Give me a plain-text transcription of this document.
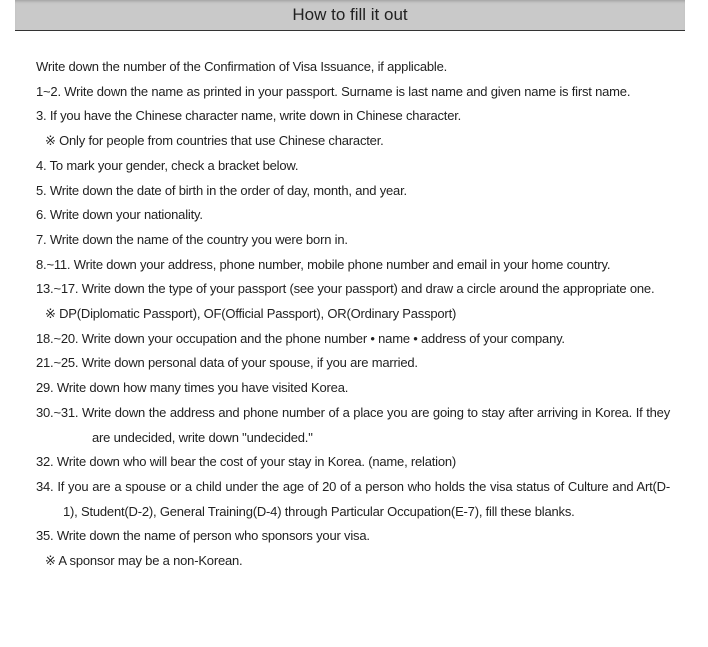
How to fill it out
Write down the number of the Confirmation of Visa Issuance, if applicable.
1~2. Write down the name as printed in your passport. Surname is last name and given name is first name.
3. If you have the Chinese character name, write down in Chinese character.
※ Only for people from countries that use Chinese character.
4. To mark your gender, check a bracket below.
5. Write down the date of birth in the order of day, month, and year.
6. Write down your nationality.
7. Write down the name of the country you were born in.
8.~11. Write down your address, phone number, mobile phone number and email in your home country.
13.~17. Write down the type of your passport (see your passport) and draw a circle around the appropriate one.
※ DP(Diplomatic Passport), OF(Official Passport), OR(Ordinary Passport)
18.~20. Write down your occupation and the phone number • name • address of your company.
21.~25. Write down personal data of your spouse, if you are married.
29. Write down how many times you have visited Korea.
30.~31. Write down the address and phone number of a place you are going to stay after arriving in Korea. If they are undecided, write down "undecided."
32. Write down who will bear the cost of your stay in Korea. (name, relation)
34. If you are a spouse or a child under the age of 20 of a person who holds the visa status of Culture and Art(D-1), Student(D-2), General Training(D-4) through Particular Occupation(E-7), fill these blanks.
35. Write down the name of person who sponsors your visa.
※ A sponsor may be a non-Korean.
